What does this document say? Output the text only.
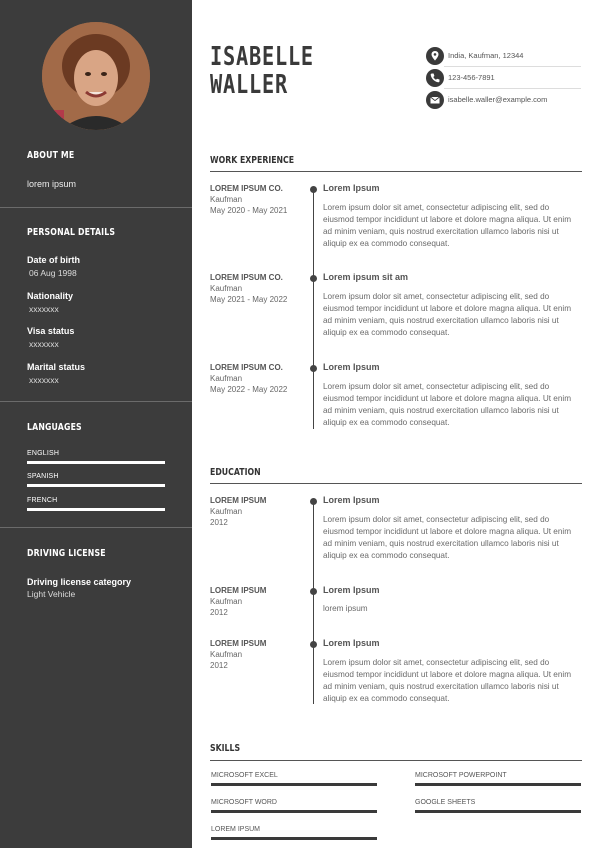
ABOUT ME
lorem ipsum
PERSONAL DETAILS
Date of birth
06 Aug 1998
Nationality
xxxxxxx
Visa status
xxxxxxx
Marital status
xxxxxxx
LANGUAGES
ENGLISH
SPANISH
FRENCH
DRIVING LICENSE
Driving license category
Light Vehicle
ISABELLE
WALLER
India, Kaufman, 12344
123-456-7891
isabelle.waller@example.com
WORK EXPERIENCE
LOREM IPSUM CO.
Kaufman
May 2020 - May 2021
Lorem Ipsum
Lorem ipsum dolor sit amet, consectetur adipiscing elit, sed do eiusmod tempor incididunt ut labore et dolore magna aliqua. Ut enim ad minim veniam, quis nostrud exercitation ullamco laboris nisi ut aliquip ex ea commodo consequat.
LOREM IPSUM CO.
Kaufman
May 2021 - May 2022
Lorem ipsum sit am
Lorem ipsum dolor sit amet, consectetur adipiscing elit, sed do eiusmod tempor incididunt ut labore et dolore magna aliqua. Ut enim ad minim veniam, quis nostrud exercitation ullamco laboris nisi ut aliquip ex ea commodo consequat.
LOREM IPSUM CO.
Kaufman
May 2022 - May 2022
Lorem Ipsum
Lorem ipsum dolor sit amet, consectetur adipiscing elit, sed do eiusmod tempor incididunt ut labore et dolore magna aliqua. Ut enim ad minim veniam, quis nostrud exercitation ullamco laboris nisi ut aliquip ex ea commodo consequat.
EDUCATION
LOREM IPSUM
Kaufman
2012
Lorem Ipsum
Lorem ipsum dolor sit amet, consectetur adipiscing elit, sed do eiusmod tempor incididunt ut labore et dolore magna aliqua. Ut enim ad minim veniam, quis nostrud exercitation ullamco laboris nisi ut aliquip ex ea commodo consequat.
LOREM IPSUM
Kaufman
2012
Lorem Ipsum
lorem ipsum
LOREM IPSUM
Kaufman
2012
Lorem Ipsum
Lorem ipsum dolor sit amet, consectetur adipiscing elit, sed do eiusmod tempor incididunt ut labore et dolore magna aliqua. Ut enim ad minim veniam, quis nostrud exercitation ullamco laboris nisi ut aliquip ex ea commodo consequat.
SKILLS
MICROSOFT EXCEL	MICROSOFT POWERPOINT
MICROSOFT WORD	GOOGLE SHEETS
LOREM IPSUM
